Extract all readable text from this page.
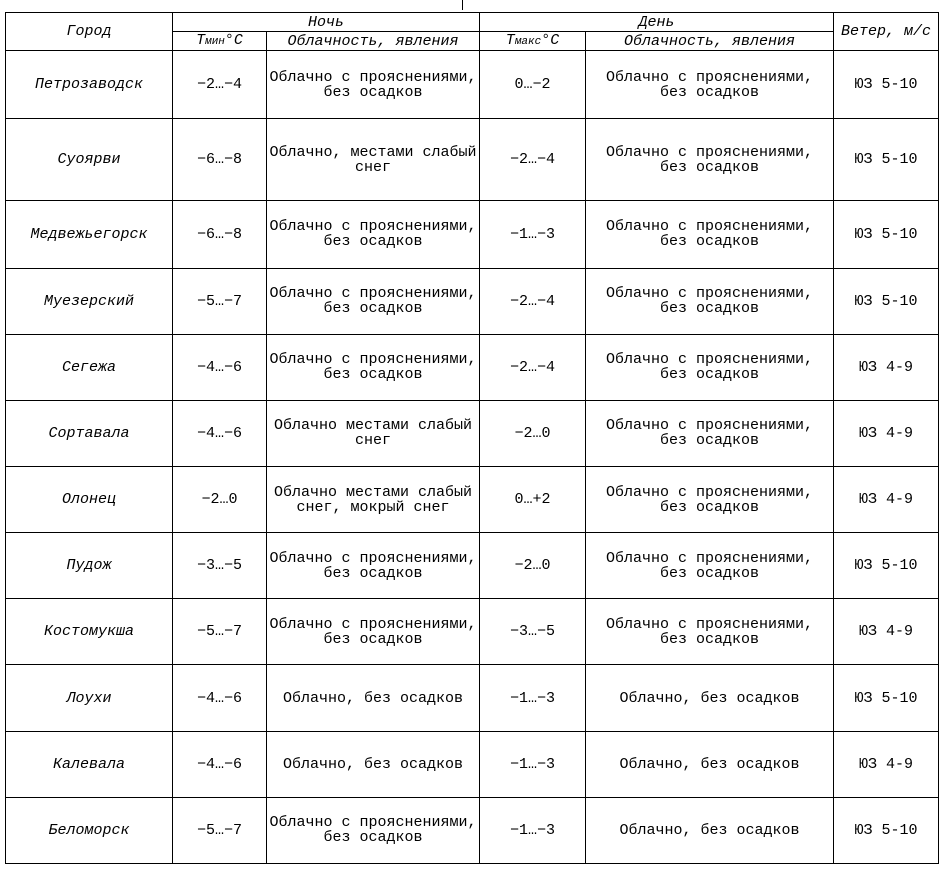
Город	Ночь		День		Ветер, м/с
	Тмин°С	Облачность, явления	Тмакс°С	Облачность, явления	
Петрозаводск	−2…−4	Облачно с прояснениями, без осадков	0…−2	Облачно с прояснениями, без осадков	ЮЗ 5-10
Суоярви	−6…−8	Облачно, местами слабый снег	−2…−4	Облачно с прояснениями, без осадков	ЮЗ 5-10
Медвежьегорск	−6…−8	Облачно с прояснениями, без осадков	−1…−3	Облачно с прояснениями, без осадков	ЮЗ 5-10
Муезерский	−5…−7	Облачно с прояснениями, без осадков	−2…−4	Облачно с прояснениями, без осадков	ЮЗ 5-10
Сегежа	−4…−6	Облачно с прояснениями, без осадков	−2…−4	Облачно с прояснениями, без осадков	ЮЗ 4-9
Сортавала	−4…−6	Облачно местами слабый снег	−2…0	Облачно с прояснениями, без осадков	ЮЗ 4-9
Олонец	−2…0	Облачно местами слабый снег, мокрый снег	0…+2	Облачно с прояснениями, без осадков	ЮЗ 4-9
Пудож	−3…−5	Облачно с прояснениями, без осадков	−2…0	Облачно с прояснениями, без осадков	ЮЗ 5-10
Костомукша	−5…−7	Облачно с прояснениями, без осадков	−3…−5	Облачно с прояснениями, без осадков	ЮЗ 4-9
Лоухи	−4…−6	Облачно, без осадков	−1…−3	Облачно, без осадков	ЮЗ 5-10
Калевала	−4…−6	Облачно, без осадков	−1…−3	Облачно, без осадков	ЮЗ 4-9
Беломорск	−5…−7	Облачно с прояснениями, без осадков	−1…−3	Облачно, без осадков	ЮЗ 5-10
